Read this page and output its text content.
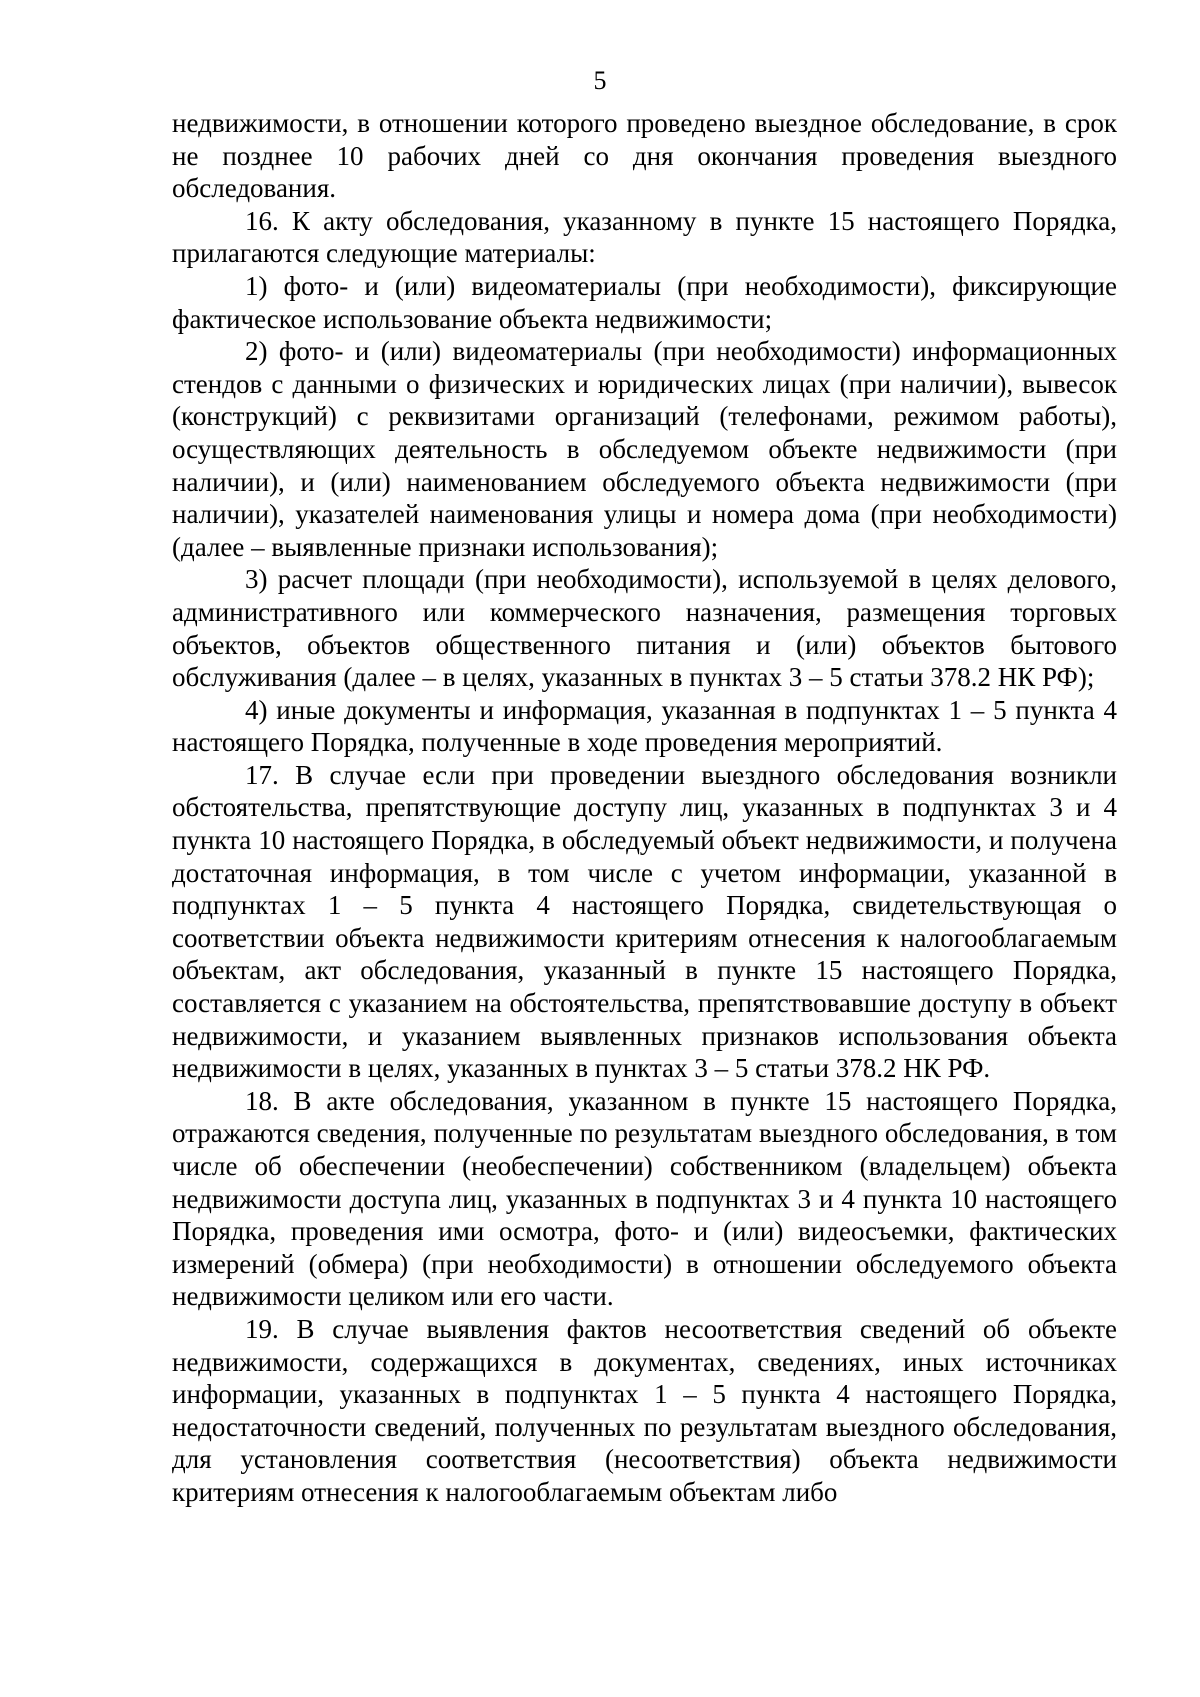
5

недвижимости, в отношении которого проведено выездное обследование, в срок не позднее 10 рабочих дней со дня окончания проведения выездного обследования.

16. К акту обследования, указанному в пункте 15 настоящего Порядка, прилагаются следующие материалы:

1) фото- и (или) видеоматериалы (при необходимости), фиксирующие фактическое использование объекта недвижимости;

2) фото- и (или) видеоматериалы (при необходимости) информационных стендов с данными о физических и юридических лицах (при наличии), вывесок (конструкций) с реквизитами организаций (телефонами, режимом работы), осуществляющих деятельность в обследуемом объекте недвижимости (при наличии), и (или) наименованием обследуемого объекта недвижимости (при наличии), указателей наименования улицы и номера дома (при необходимости) (далее – выявленные признаки использования);

3) расчет площади (при необходимости), используемой в целях делового, административного или коммерческого назначения, размещения торговых объектов, объектов общественного питания и (или) объектов бытового обслуживания (далее – в целях, указанных в пунктах 3 – 5 статьи 378.2 НК РФ);

4) иные документы и информация, указанная в подпунктах 1 – 5 пункта 4 настоящего Порядка, полученные в ходе проведения мероприятий.

17. В случае если при проведении выездного обследования возникли обстоятельства, препятствующие доступу лиц, указанных в подпунктах 3 и 4 пункта 10 настоящего Порядка, в обследуемый объект недвижимости, и получена достаточная информация, в том числе с учетом информации, указанной в подпунктах 1 – 5 пункта 4 настоящего Порядка, свидетельствующая о соответствии объекта недвижимости критериям отнесения к налогооблагаемым объектам, акт обследования, указанный в пункте 15 настоящего Порядка, составляется с указанием на обстоятельства, препятствовавшие доступу в объект недвижимости, и указанием выявленных признаков использования объекта недвижимости в целях, указанных в пунктах 3 – 5 статьи 378.2 НК РФ.

18. В акте обследования, указанном в пункте 15 настоящего Порядка, отражаются сведения, полученные по результатам выездного обследования, в том числе об обеспечении (необеспечении) собственником (владельцем) объекта недвижимости доступа лиц, указанных в подпунктах 3 и 4 пункта 10 настоящего Порядка, проведения ими осмотра, фото- и (или) видеосъемки, фактических измерений (обмера) (при необходимости) в отношении обследуемого объекта недвижимости целиком или его части.

19. В случае выявления фактов несоответствия сведений об объекте недвижимости, содержащихся в документах, сведениях, иных источниках информации, указанных в подпунктах 1 – 5 пункта 4 настоящего Порядка, недостаточности сведений, полученных по результатам выездного обследования, для установления соответствия (несоответствия) объекта недвижимости критериям отнесения к налогооблагаемым объектам либо
